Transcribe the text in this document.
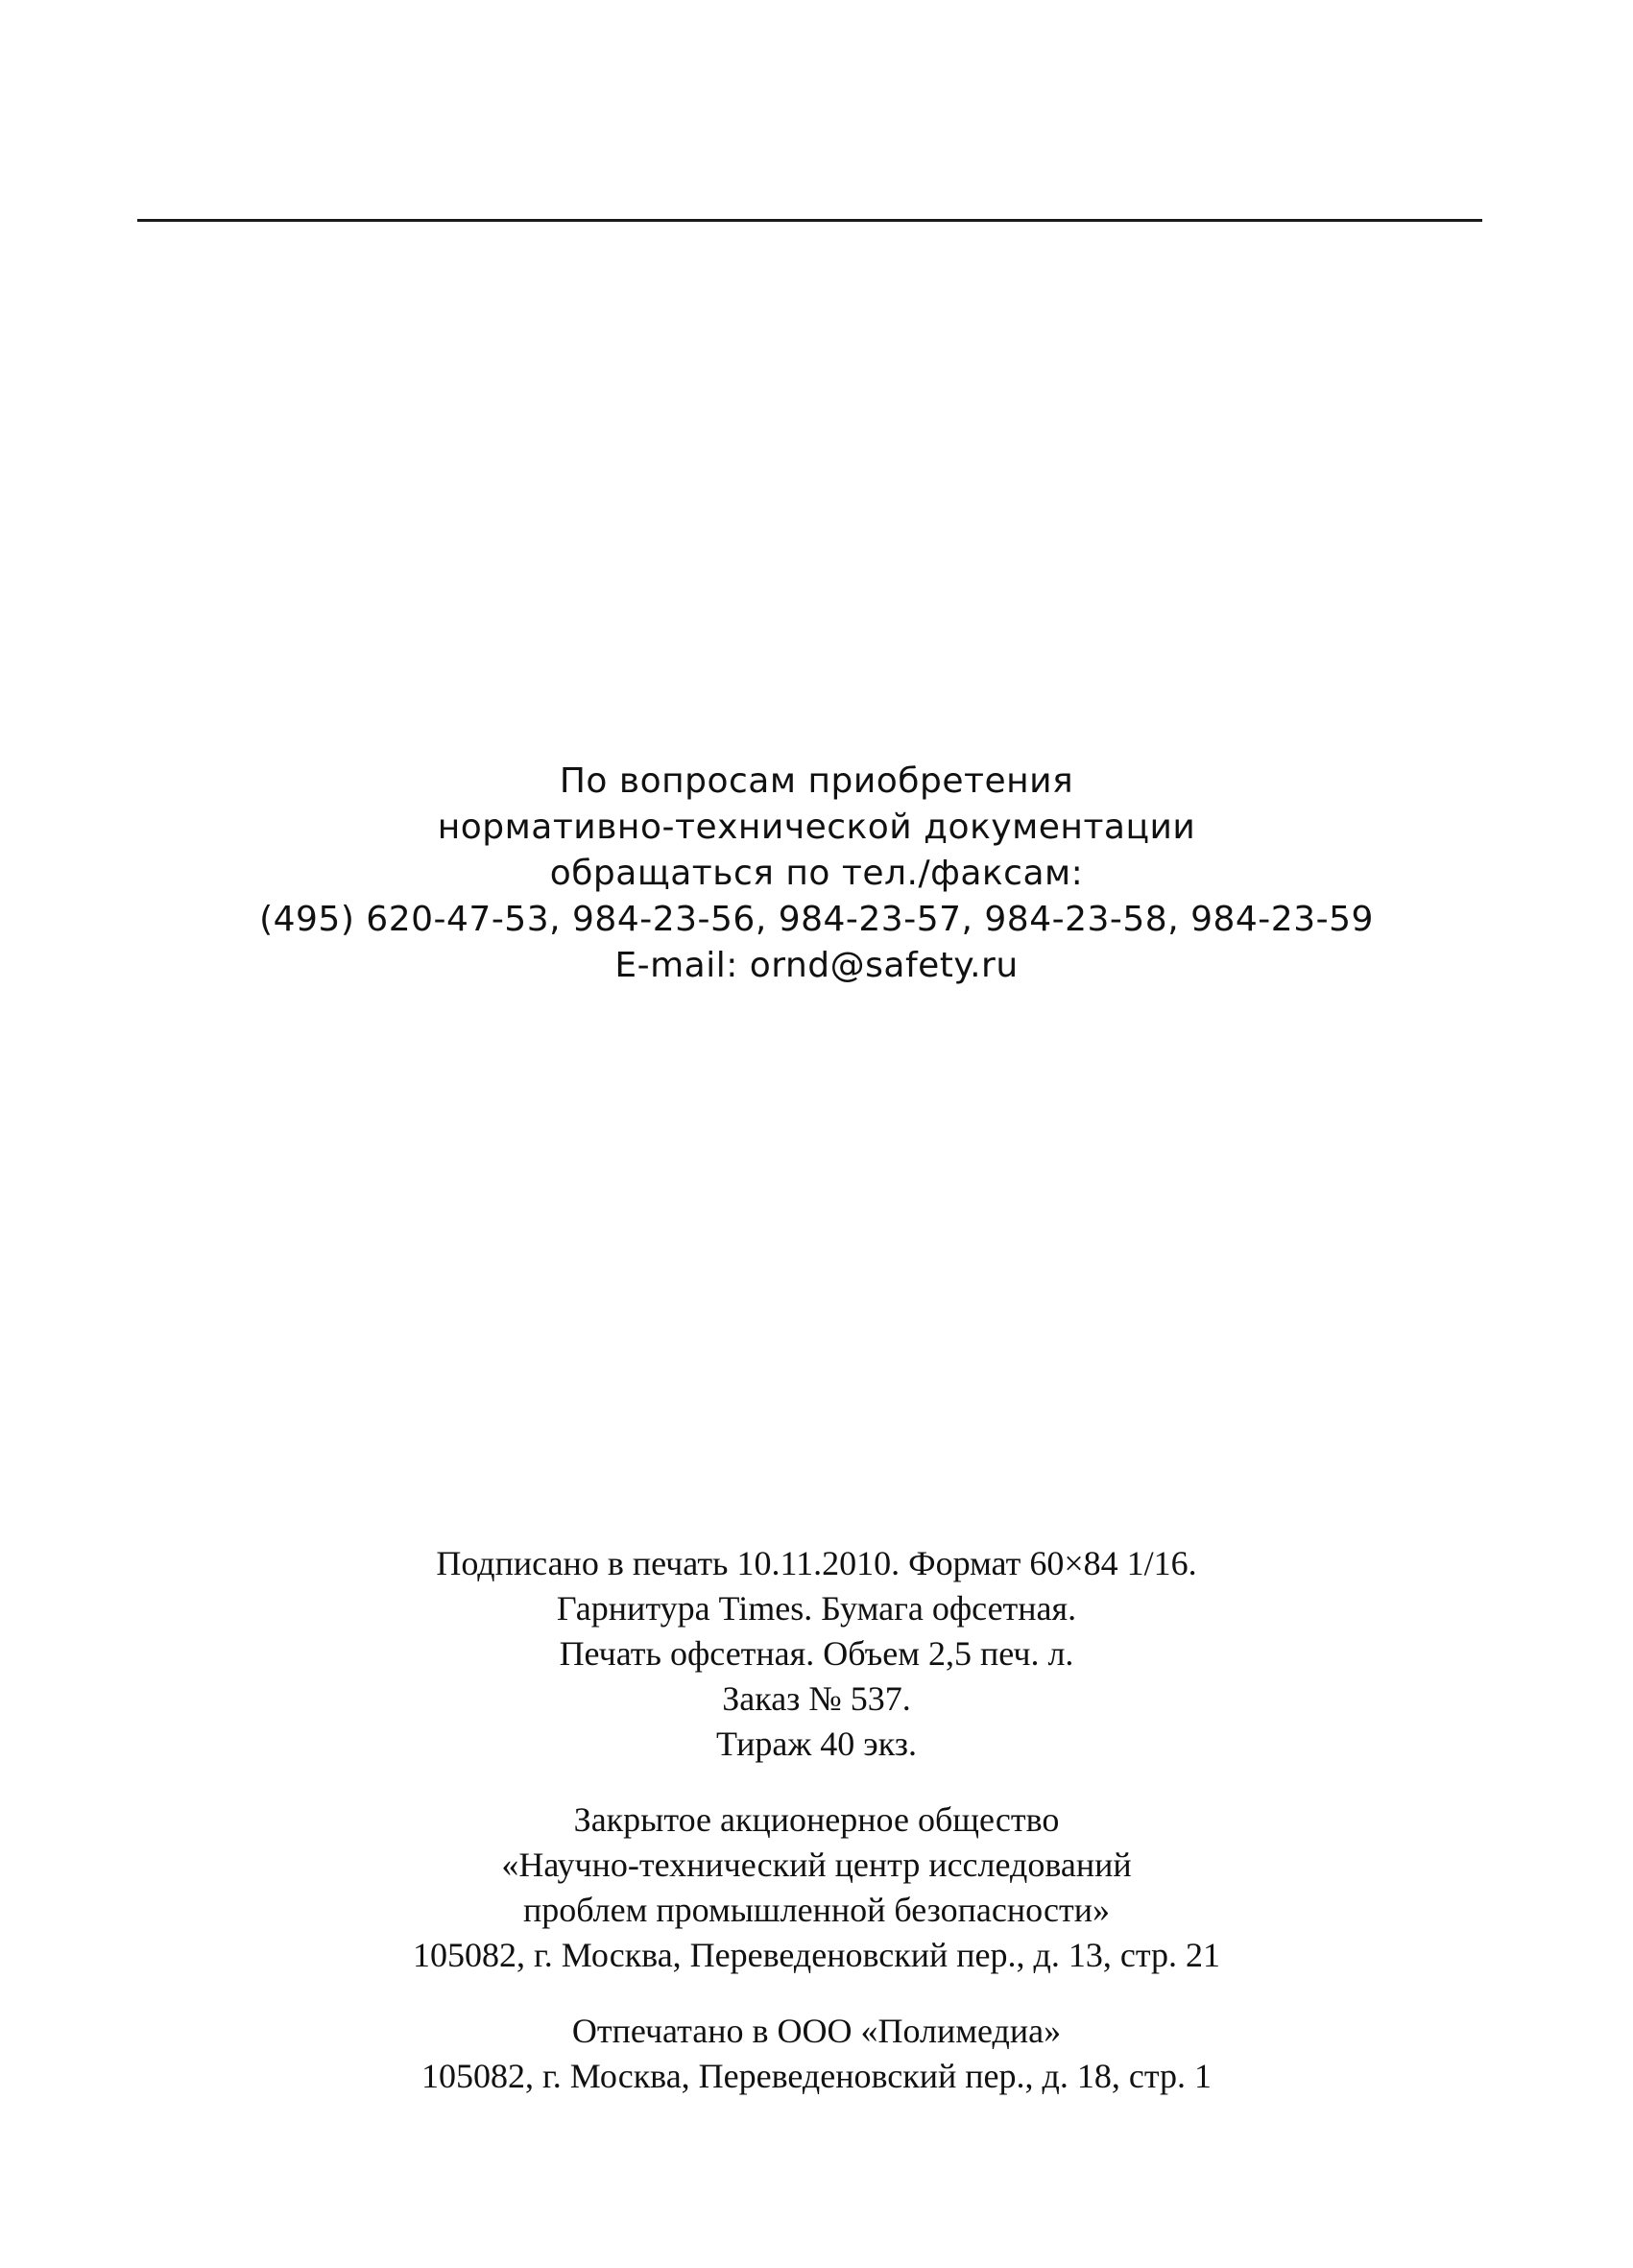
По вопросам приобретения
нормативно-технической документации
обращаться по тел./факсам:
(495) 620-47-53, 984-23-56, 984-23-57, 984-23-58, 984-23-59
E-mail: ornd@safety.ru
Подписано в печать 10.11.2010. Формат 60×84 1/16.
Гарнитура Times. Бумага офсетная.
Печать офсетная. Объем 2,5 печ. л.
Заказ № 537.
Тираж 40 экз.
Закрытое акционерное общество
«Научно-технический центр исследований
проблем промышленной безопасности»
105082, г. Москва, Переведеновский пер., д. 13, стр. 21
Отпечатано в ООО «Полимедиа»
105082, г. Москва, Переведеновский пер., д. 18, стр. 1
